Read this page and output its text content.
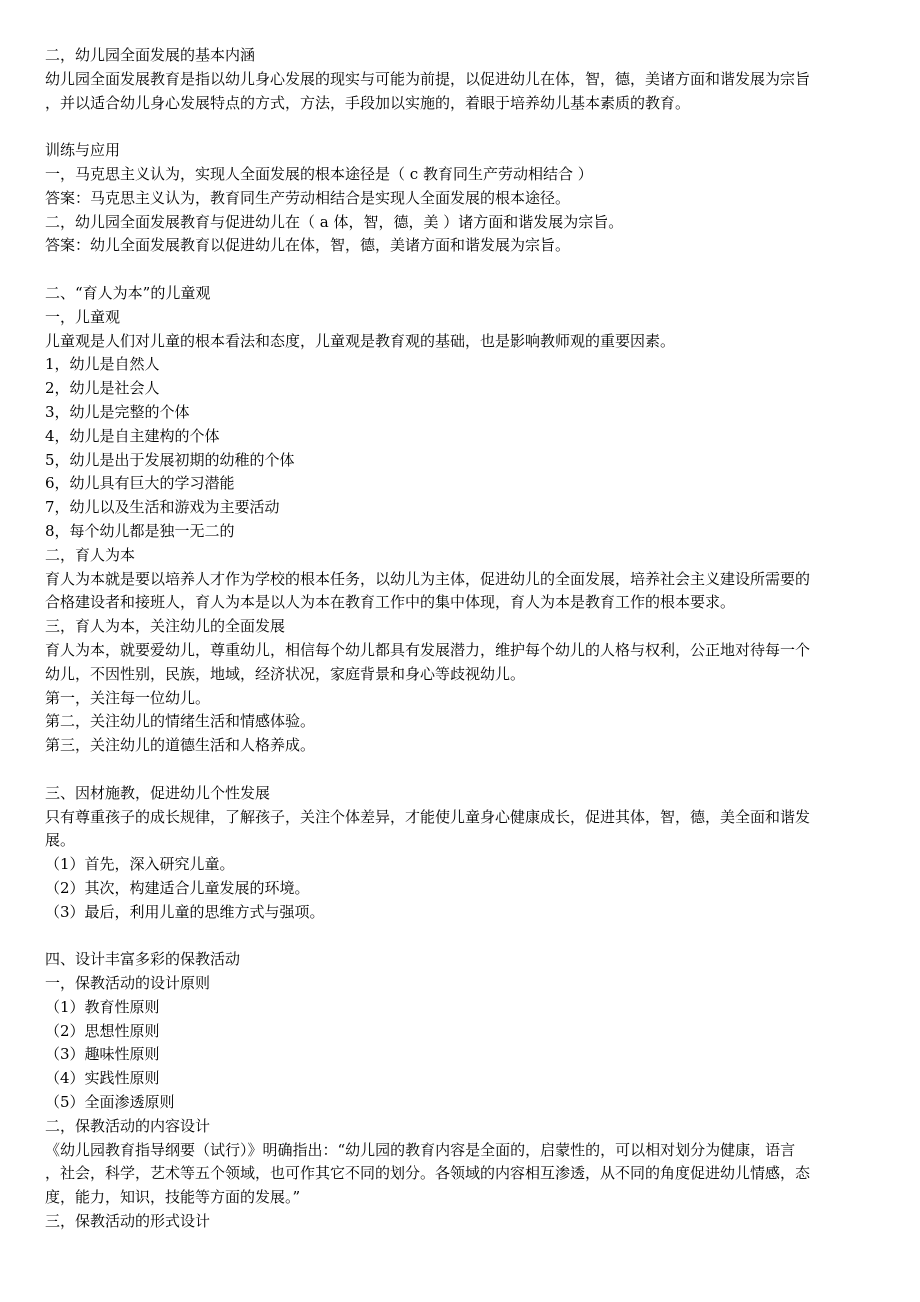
二，幼儿园全面发展的基本内涵
幼儿园全面发展教育是指以幼儿身心发展的现实与可能为前提，以促进幼儿在体，智，德，美诸方面和谐发展为宗旨
，并以适合幼儿身心发展特点的方式，方法，手段加以实施的，着眼于培养幼儿基本素质的教育。
训练与应用
一，马克思主义认为，实现人全面发展的根本途径是（ c 教育同生产劳动相结合 ）
答案：马克思主义认为，教育同生产劳动相结合是实现人全面发展的根本途径。
二，幼儿园全面发展教育与促进幼儿在（ a 体，智，德，美 ）诸方面和谐发展为宗旨。
答案：幼儿全面发展教育以促进幼儿在体，智，德，美诸方面和谐发展为宗旨。
二、“育人为本”的儿童观
一，儿童观
儿童观是人们对儿童的根本看法和态度，儿童观是教育观的基础，也是影响教师观的重要因素。
1，幼儿是自然人
2，幼儿是社会人
3，幼儿是完整的个体
4，幼儿是自主建构的个体
5，幼儿是出于发展初期的幼稚的个体
6，幼儿具有巨大的学习潜能
7，幼儿以及生活和游戏为主要活动
8，每个幼儿都是独一无二的
二，育人为本
育人为本就是要以培养人才作为学校的根本任务，以幼儿为主体，促进幼儿的全面发展，培养社会主义建设所需要的
合格建设者和接班人，育人为本是以人为本在教育工作中的集中体现，育人为本是教育工作的根本要求。
三，育人为本，关注幼儿的全面发展
育人为本，就要爱幼儿，尊重幼儿，相信每个幼儿都具有发展潜力，维护每个幼儿的人格与权利，公正地对待每一个
幼儿，不因性别，民族，地域，经济状况，家庭背景和身心等歧视幼儿。
第一，关注每一位幼儿。
第二，关注幼儿的情绪生活和情感体验。
第三，关注幼儿的道德生活和人格养成。
三、因材施教，促进幼儿个性发展
只有尊重孩子的成长规律，了解孩子，关注个体差异，才能使儿童身心健康成长，促进其体，智，德，美全面和谐发
展。
（1）首先，深入研究儿童。
（2）其次，构建适合儿童发展的环境。
（3）最后，利用儿童的思维方式与强项。
四、设计丰富多彩的保教活动
一，保教活动的设计原则
（1）教育性原则
（2）思想性原则
（3）趣味性原则
（4）实践性原则
（5）全面渗透原则
二，保教活动的内容设计
《幼儿园教育指导纲要（试行）》明确指出：“幼儿园的教育内容是全面的，启蒙性的，可以相对划分为健康，语言
，社会，科学，艺术等五个领域，也可作其它不同的划分。各领域的内容相互渗透，从不同的角度促进幼儿情感，态
度，能力，知识，技能等方面的发展。”
三，保教活动的形式设计
